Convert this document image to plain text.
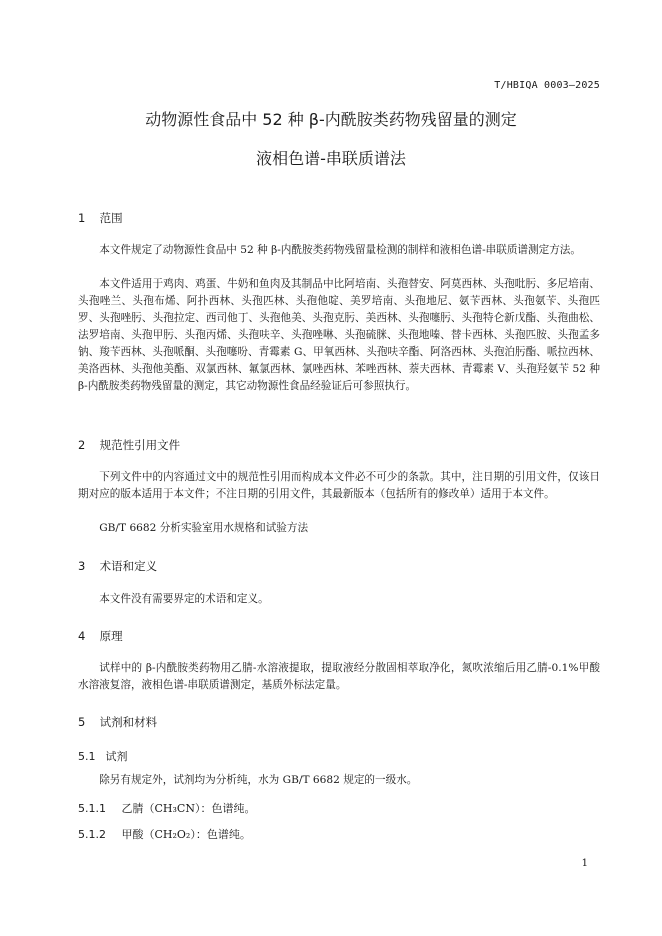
T/HBIQA 0003—2025
动物源性食品中 52 种 β-内酰胺类药物残留量的测定
液相色谱-串联质谱法
1 范围

本文件规定了动物源性食品中 52 种 β-内酰胺类药物残留量检测的制样和液相色谱-串联质谱测定方法。

本文件适用于鸡肉、鸡蛋、牛奶和鱼肉及其制品中比阿培南、头孢替安、阿莫西林、头孢吡肟、多尼培南、头孢唑兰、头孢布烯、阿扑西林、头孢匹林、头孢他啶、美罗培南、头孢地尼、氨苄西林、头孢氨苄、头孢匹罗、头孢唑肟、头孢拉定、西司他丁、头孢他美、头孢克肟、美西林、头孢噻肟、头孢特仑新戊酯、头孢曲松、法罗培南、头孢甲肟、头孢丙烯、头孢呋辛、头孢唑啉、头孢硫脒、头孢地嗪、替卡西林、头孢匹胺、头孢孟多钠、羧苄西林、头孢哌酮、头孢噻吩、青霉素 G、甲氧西林、头孢呋辛酯、阿洛西林、头孢泊肟酯、哌拉西林、美洛西林、头孢他美酯、双氯西林、氟氯西林、氯唑西林、苯唑西林、萘夫西林、青霉素 V、头孢羟氨苄 52 种 β-内酰胺类药物残留量的测定，其它动物源性食品经验证后可参照执行。

2 规范性引用文件

下列文件中的内容通过文中的规范性引用而构成本文件必不可少的条款。其中，注日期的引用文件，仅该日期对应的版本适用于本文件；不注日期的引用文件，其最新版本（包括所有的修改单）适用于本文件。

GB/T 6682 分析实验室用水规格和试验方法

3 术语和定义

本文件没有需要界定的术语和定义。

4 原理

试样中的 β-内酰胺类药物用乙腈-水溶液提取，提取液经分散固相萃取净化，氮吹浓缩后用乙腈-0.1%甲酸水溶液复溶，液相色谱-串联质谱测定，基质外标法定量。

5 试剂和材料
5.1 试剂

除另有规定外，试剂均为分析纯，水为 GB/T 6682 规定的一级水。

5.1.1 乙腈（CH₃CN）：色谱纯。
5.1.2 甲酸（CH₂O₂）：色谱纯。
1
